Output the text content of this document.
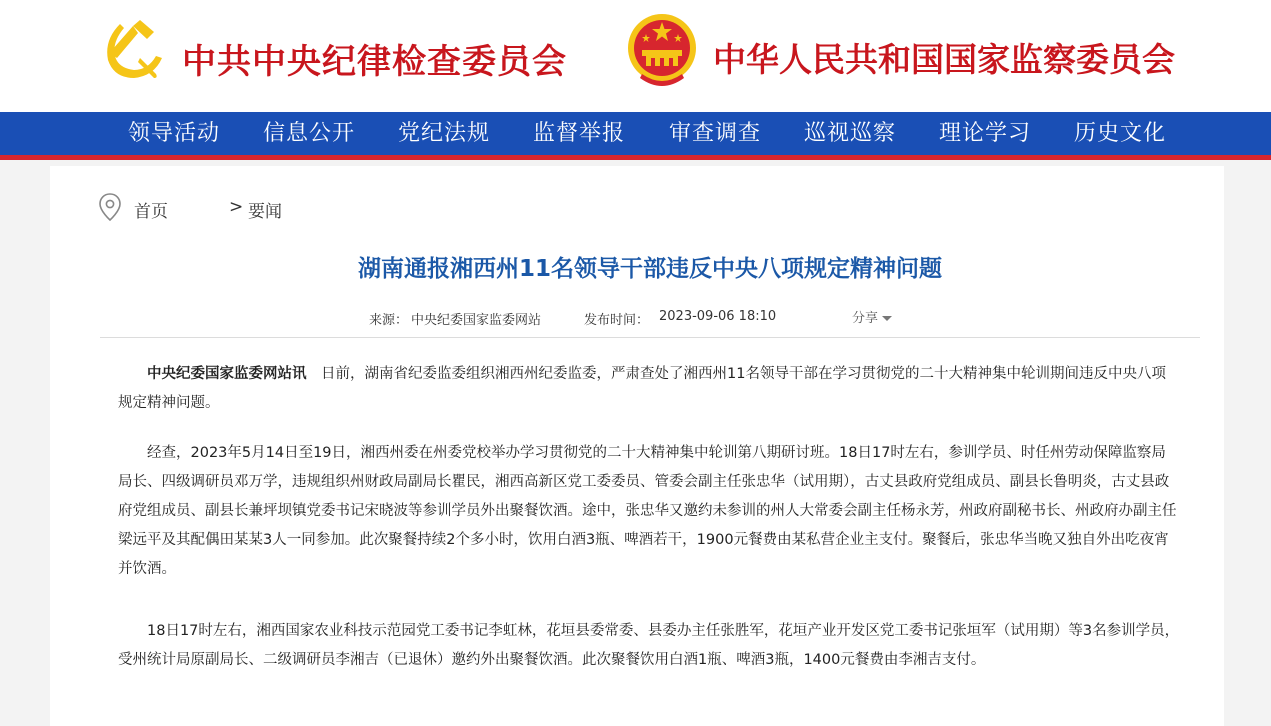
中共中央纪律检查委员会	中华人民共和国国家监察委员会
领导活动 信息公开 党纪法规 监督举报 审查调查 巡视巡察 理论学习 历史文化
首页	> 要闻
湖南通报湘西州11名领导干部违反中央八项规定精神问题
来源： 中央纪委国家监委网站	发布时间： 2023-09-06 18:10	分享

中央纪委国家监委网站讯　 日前，湖南省纪委监委组织湘西州纪委监委，严肃查处了湘西州11名领导干部在学习贯彻党的二十大精神集中轮训期间违反中央八项规定精神问题。

经查，2023年5月14日至19日，湘西州委在州委党校举办学习贯彻党的二十大精神集中轮训第八期研讨班。18日17时左右，参训学员、时任州劳动保障监察局局长、四级调研员邓万学，违规组织州财政局副局长瞿民，湘西高新区党工委委员、管委会副主任张忠华（试用期），古丈县政府党组成员、副县长鲁明炎，古丈县政府党组成员、副县长兼坪坝镇党委书记宋晓波等参训学员外出聚餐饮酒。途中，张忠华又邀约未参训的州人大常委会副主任杨永芳，州政府副秘书长、州政府办副主任梁远平及其配偶田某某3人一同参加。此次聚餐持续2个多小时，饮用白酒3瓶、啤酒若干，1900元餐费由某私营企业主支付。聚餐后，张忠华当晚又独自外出吃夜宵并饮酒。

18日17时左右，湘西国家农业科技示范园党工委书记李虹林，花垣县委常委、县委办主任张胜军，花垣产业开发区党工委书记张垣军（试用期）等3名参训学员，受州统计局原副局长、二级调研员李湘吉（已退休）邀约外出聚餐饮酒。此次聚餐饮用白酒1瓶、啤酒3瓶，1400元餐费由李湘吉支付。
